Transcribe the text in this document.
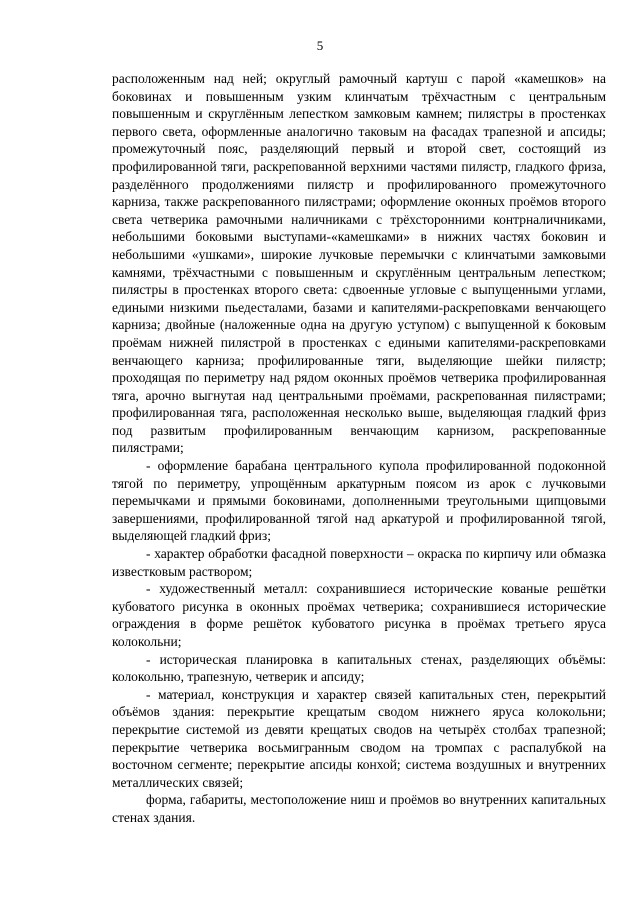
5

расположенным над ней; округлый рамочный картуш с парой «камешков» на боковинах и повышенным узким клинчатым трёхчастным с центральным повышенным и скруглённым лепестком замковым камнем; пилястры в простенках первого света, оформленные аналогично таковым на фасадах трапезной и апсиды; промежуточный пояс, разделяющий первый и второй свет, состоящий из профилированной тяги, раскрепованной верхними частями пилястр, гладкого фриза, разделённого продолжениями пилястр и профилированного промежуточного карниза, также раскрепованного пилястрами; оформление оконных проёмов второго света четверика рамочными наличниками с трёхсторонними контрналичниками, небольшими боковыми выступами-«камешками» в нижних частях боковин и небольшими «ушками», широкие лучковые перемычки с клинчатыми замковыми камнями, трёхчастными с повышенным и скруглённым центральным лепестком; пилястры в простенках второго света: сдвоенные угловые с выпущенными углами, едиными низкими пьедесталами, базами и капителями-раскреповками венчающего карниза; двойные (наложенные одна на другую уступом) с выпущенной к боковым проёмам нижней пилястрой в простенках с едиными капителями-раскреповками венчающего карниза; профилированные тяги, выделяющие шейки пилястр; проходящая по периметру над рядом оконных проёмов четверика профилированная тяга, арочно выгнутая над центральными проёмами, раскрепованная пилястрами; профилированная тяга, расположенная несколько выше, выделяющая гладкий фриз под развитым профилированным венчающим карнизом, раскрепованные пилястрами;

- оформление барабана центрального купола профилированной подоконной тягой по периметру, упрощённым аркатурным поясом из арок с лучковыми перемычками и прямыми боковинами, дополненными треугольными щипцовыми завершениями, профилированной тягой над аркатурой и профилированной тягой, выделяющей гладкий фриз;

- характер обработки фасадной поверхности – окраска по кирпичу или обмазка известковым раствором;

- художественный металл: сохранившиеся исторические кованые решётки кубоватого рисунка в оконных проёмах четверика; сохранившиеся исторические ограждения в форме решёток кубоватого рисунка в проёмах третьего яруса колокольни;

- историческая планировка в капитальных стенах, разделяющих объёмы: колокольню, трапезную, четверик и апсиду;

- материал, конструкция и характер связей капитальных стен, перекрытий объёмов здания: перекрытие крещатым сводом нижнего яруса колокольни; перекрытие системой из девяти крещатых сводов на четырёх столбах трапезной; перекрытие четверика восьмигранным сводом на тромпах с распалубкой на восточном сегменте; перекрытие апсиды конхой; система воздушных и внутренних металлических связей;

форма, габариты, местоположение ниш и проёмов во внутренних капитальных стенах здания.
